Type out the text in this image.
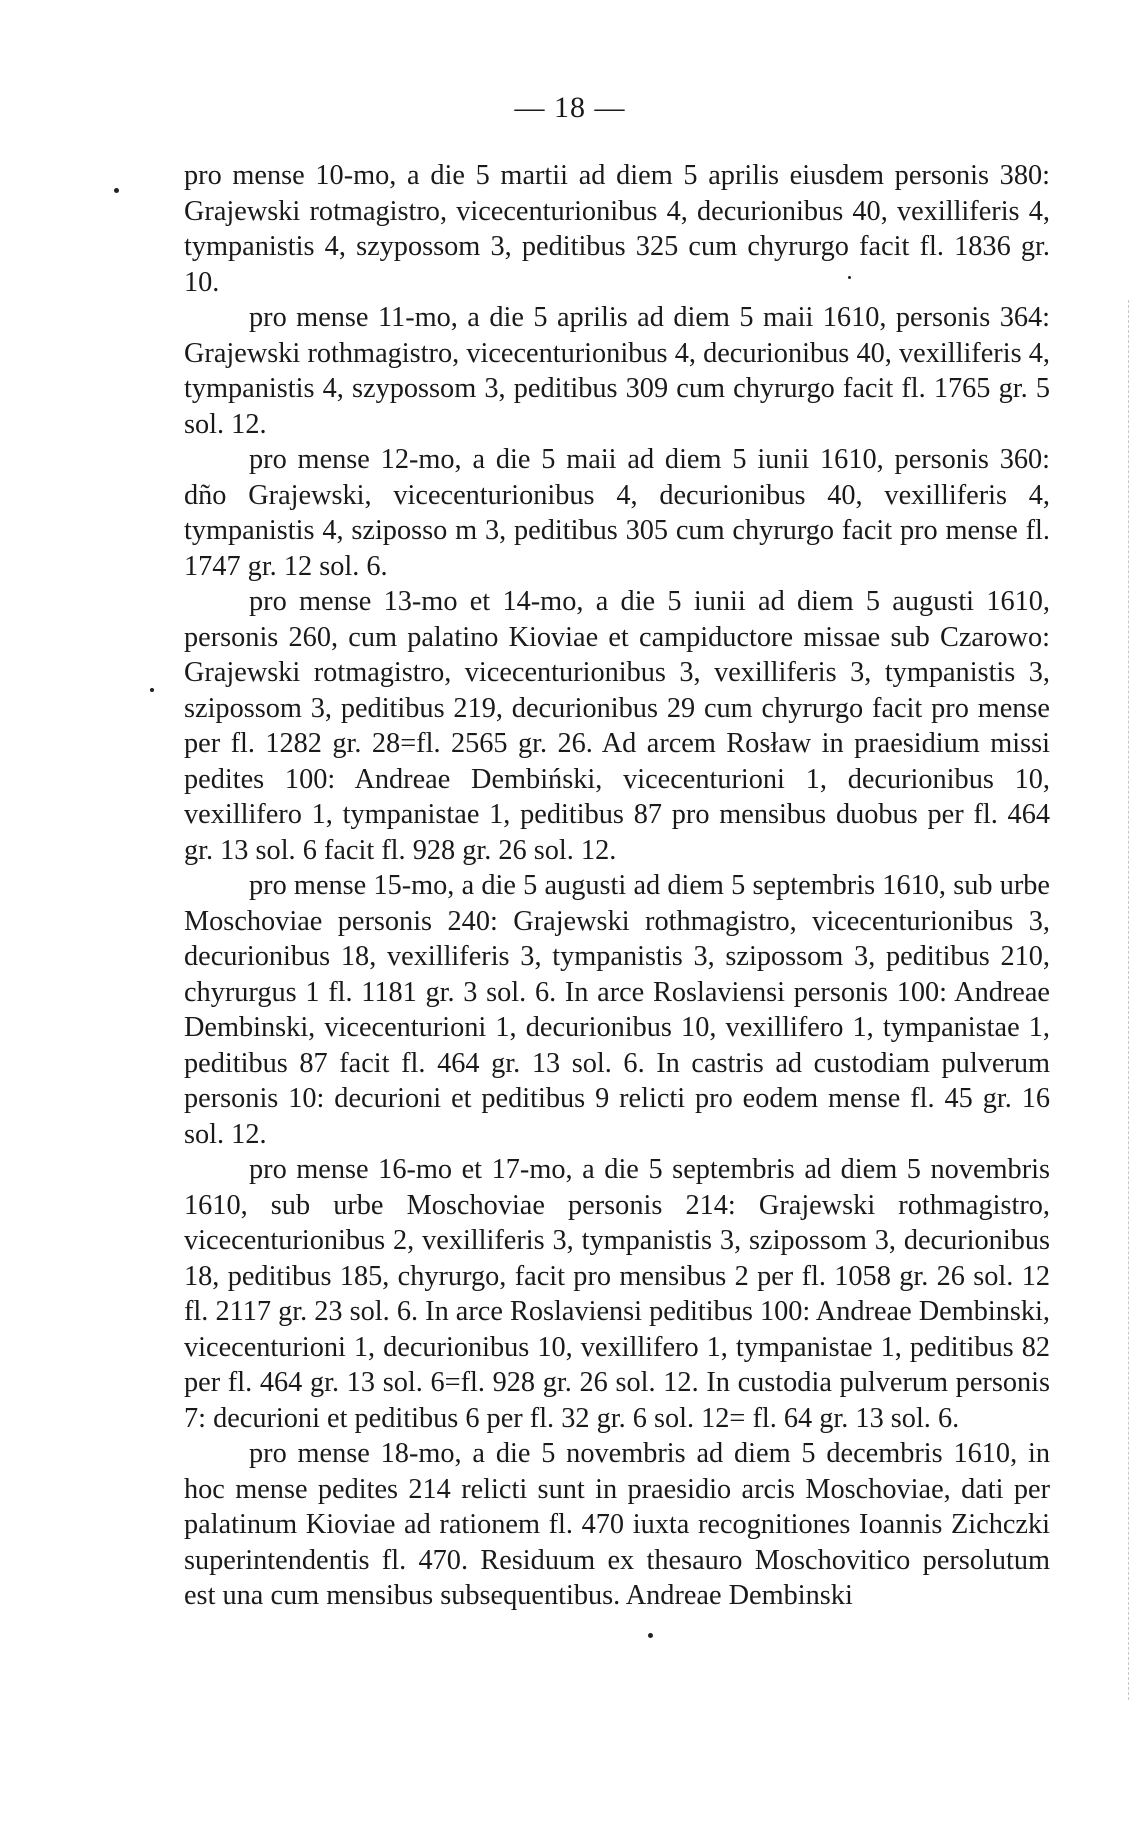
— 18 —

pro mense 10-mo, a die 5 martii ad diem 5 aprilis eiusdem personis 380: Grajewski rotmagistro, vicecenturionibus 4, decurionibus 40, vexilliferis 4, tympanistis 4, szypossom 3, peditibus 325 cum chyrurgo facit fl. 1836 gr. 10.

pro mense 11-mo, a die 5 aprilis ad diem 5 maii 1610, personis 364: Grajewski rothmagistro, vicecenturionibus 4, decurionibus 40, vexilliferis 4, tympanistis 4, szypossom 3, peditibus 309 cum chyrurgo facit fl. 1765 gr. 5 sol. 12.

pro mense 12-mo, a die 5 maii ad diem 5 iunii 1610, personis 360: dño Grajewski, vicecenturionibus 4, decurionibus 40, vexilliferis 4, tympanistis 4, sziposso m 3, peditibus 305 cum chyrurgo facit pro mense fl. 1747 gr. 12 sol. 6.

pro mense 13-mo et 14-mo, a die 5 iunii ad diem 5 augusti 1610, personis 260, cum palatino Kioviae et campiductore missae sub Czarowo: Grajewski rotmagistro, vicecenturionibus 3, vexilliferis 3, tympanistis 3, szipossom 3, peditibus 219, decurionibus 29 cum chyrurgo facit pro mense per fl. 1282 gr. 28=fl. 2565 gr. 26. Ad arcem Rosław in praesidium missi pedites 100: Andreae Dembiński, vicecenturioni 1, decurionibus 10, vexillifero 1, tympanistae 1, peditibus 87 pro mensibus duobus per fl. 464 gr. 13 sol. 6 facit fl. 928 gr. 26 sol. 12.

pro mense 15-mo, a die 5 augusti ad diem 5 septembris 1610, sub urbe Moschoviae personis 240: Grajewski rothmagistro, vicecenturionibus 3, decurionibus 18, vexilliferis 3, tympanistis 3, szipossom 3, peditibus 210, chyrurgus 1 fl. 1181 gr. 3 sol. 6. In arce Roslaviensi personis 100: Andreae Dembinski, vicecenturioni 1, decurionibus 10, vexillifero 1, tympanistae 1, peditibus 87 facit fl. 464 gr. 13 sol. 6. In castris ad custodiam pulverum personis 10: decurioni et peditibus 9 relicti pro eodem mense fl. 45 gr. 16 sol. 12.

pro mense 16-mo et 17-mo, a die 5 septembris ad diem 5 novembris 1610, sub urbe Moschoviae personis 214: Grajewski rothmagistro, vicecenturionibus 2, vexilliferis 3, tympanistis 3, szipossom 3, decurionibus 18, peditibus 185, chyrurgo, facit pro mensibus 2 per fl. 1058 gr. 26 sol. 12 fl. 2117 gr. 23 sol. 6. In arce Roslaviensi peditibus 100: Andreae Dembinski, vicecenturioni 1, decurionibus 10, vexillifero 1, tympanistae 1, peditibus 82 per fl. 464 gr. 13 sol. 6=fl. 928 gr. 26 sol. 12. In custodia pulverum personis 7: decurioni et peditibus 6 per fl. 32 gr. 6 sol. 12= fl. 64 gr. 13 sol. 6.

pro mense 18-mo, a die 5 novembris ad diem 5 decembris 1610, in hoc mense pedites 214 relicti sunt in praesidio arcis Moschoviae, dati per palatinum Kioviae ad rationem fl. 470 iuxta recognitiones Ioannis Zichczki superintendentis fl. 470. Residuum ex thesauro Moschovitico persolutum est una cum mensibus subsequentibus. Andreae Dembinski
